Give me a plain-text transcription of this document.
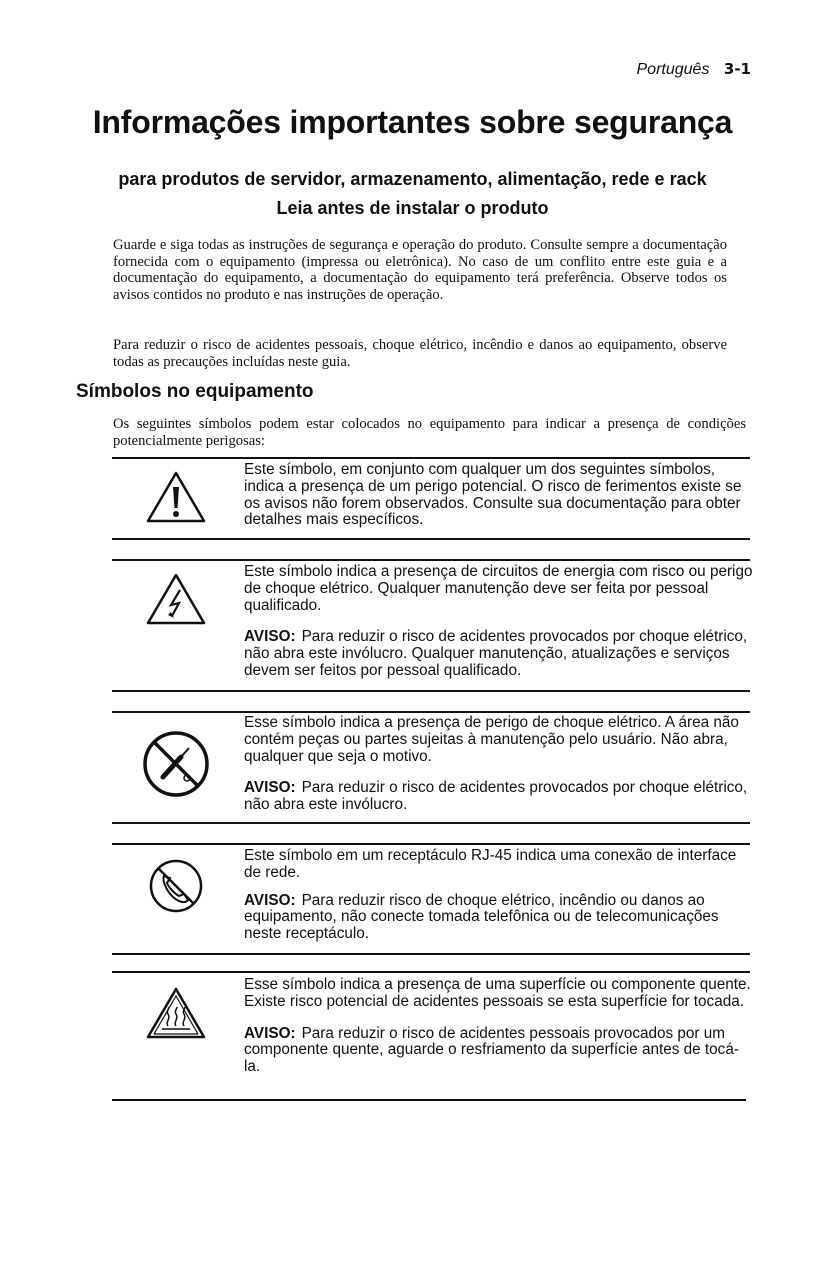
Português 3-1
Informações importantes sobre segurança
para produtos de servidor, armazenamento, alimentação, rede e rack
Leia antes de instalar o produto
Guarde e siga todas as instruções de segurança e operação do produto. Consulte sempre a documentação fornecida com o equipamento (impressa ou eletrônica). No caso de um conflito entre este guia e a documentação do equipamento, a documentação do equipamento terá preferência. Observe todos os avisos contidos no produto e nas instruções de operação.
Para reduzir o risco de acidentes pessoais, choque elétrico, incêndio e danos ao equipamento, observe todas as precauções incluídas neste guia.
Símbolos no equipamento
Os seguintes símbolos podem estar colocados no equipamento para indicar a presença de condições potencialmente perigosas:

Este símbolo, em conjunto com qualquer um dos seguintes símbolos, indica a presença de um perigo potencial. O risco de ferimentos existe se os avisos não forem observados. Consulte sua documentação para obter detalhes mais específicos.

Este símbolo indica a presença de circuitos de energia com risco ou perigo de choque elétrico. Qualquer manutenção deve ser feita por pessoal qualificado.

AVISO: Para reduzir o risco de acidentes provocados por choque elétrico, não abra este invólucro. Qualquer manutenção, atualizações e serviços devem ser feitos por pessoal qualificado.

Esse símbolo indica a presença de perigo de choque elétrico. A área não contém peças ou partes sujeitas à manutenção pelo usuário. Não abra, qualquer que seja o motivo.

AVISO: Para reduzir o risco de acidentes provocados por choque elétrico, não abra este invólucro.

Este símbolo em um receptáculo RJ-45 indica uma conexão de interface de rede.

AVISO: Para reduzir risco de choque elétrico, incêndio ou danos ao equipamento, não conecte tomada telefônica ou de telecomunicações neste receptáculo.

Esse símbolo indica a presença de uma superfície ou componente quente. Existe risco potencial de acidentes pessoais se esta superfície for tocada.

AVISO: Para reduzir o risco de acidentes pessoais provocados por um componente quente, aguarde o resfriamento da superfície antes de tocá-la.
